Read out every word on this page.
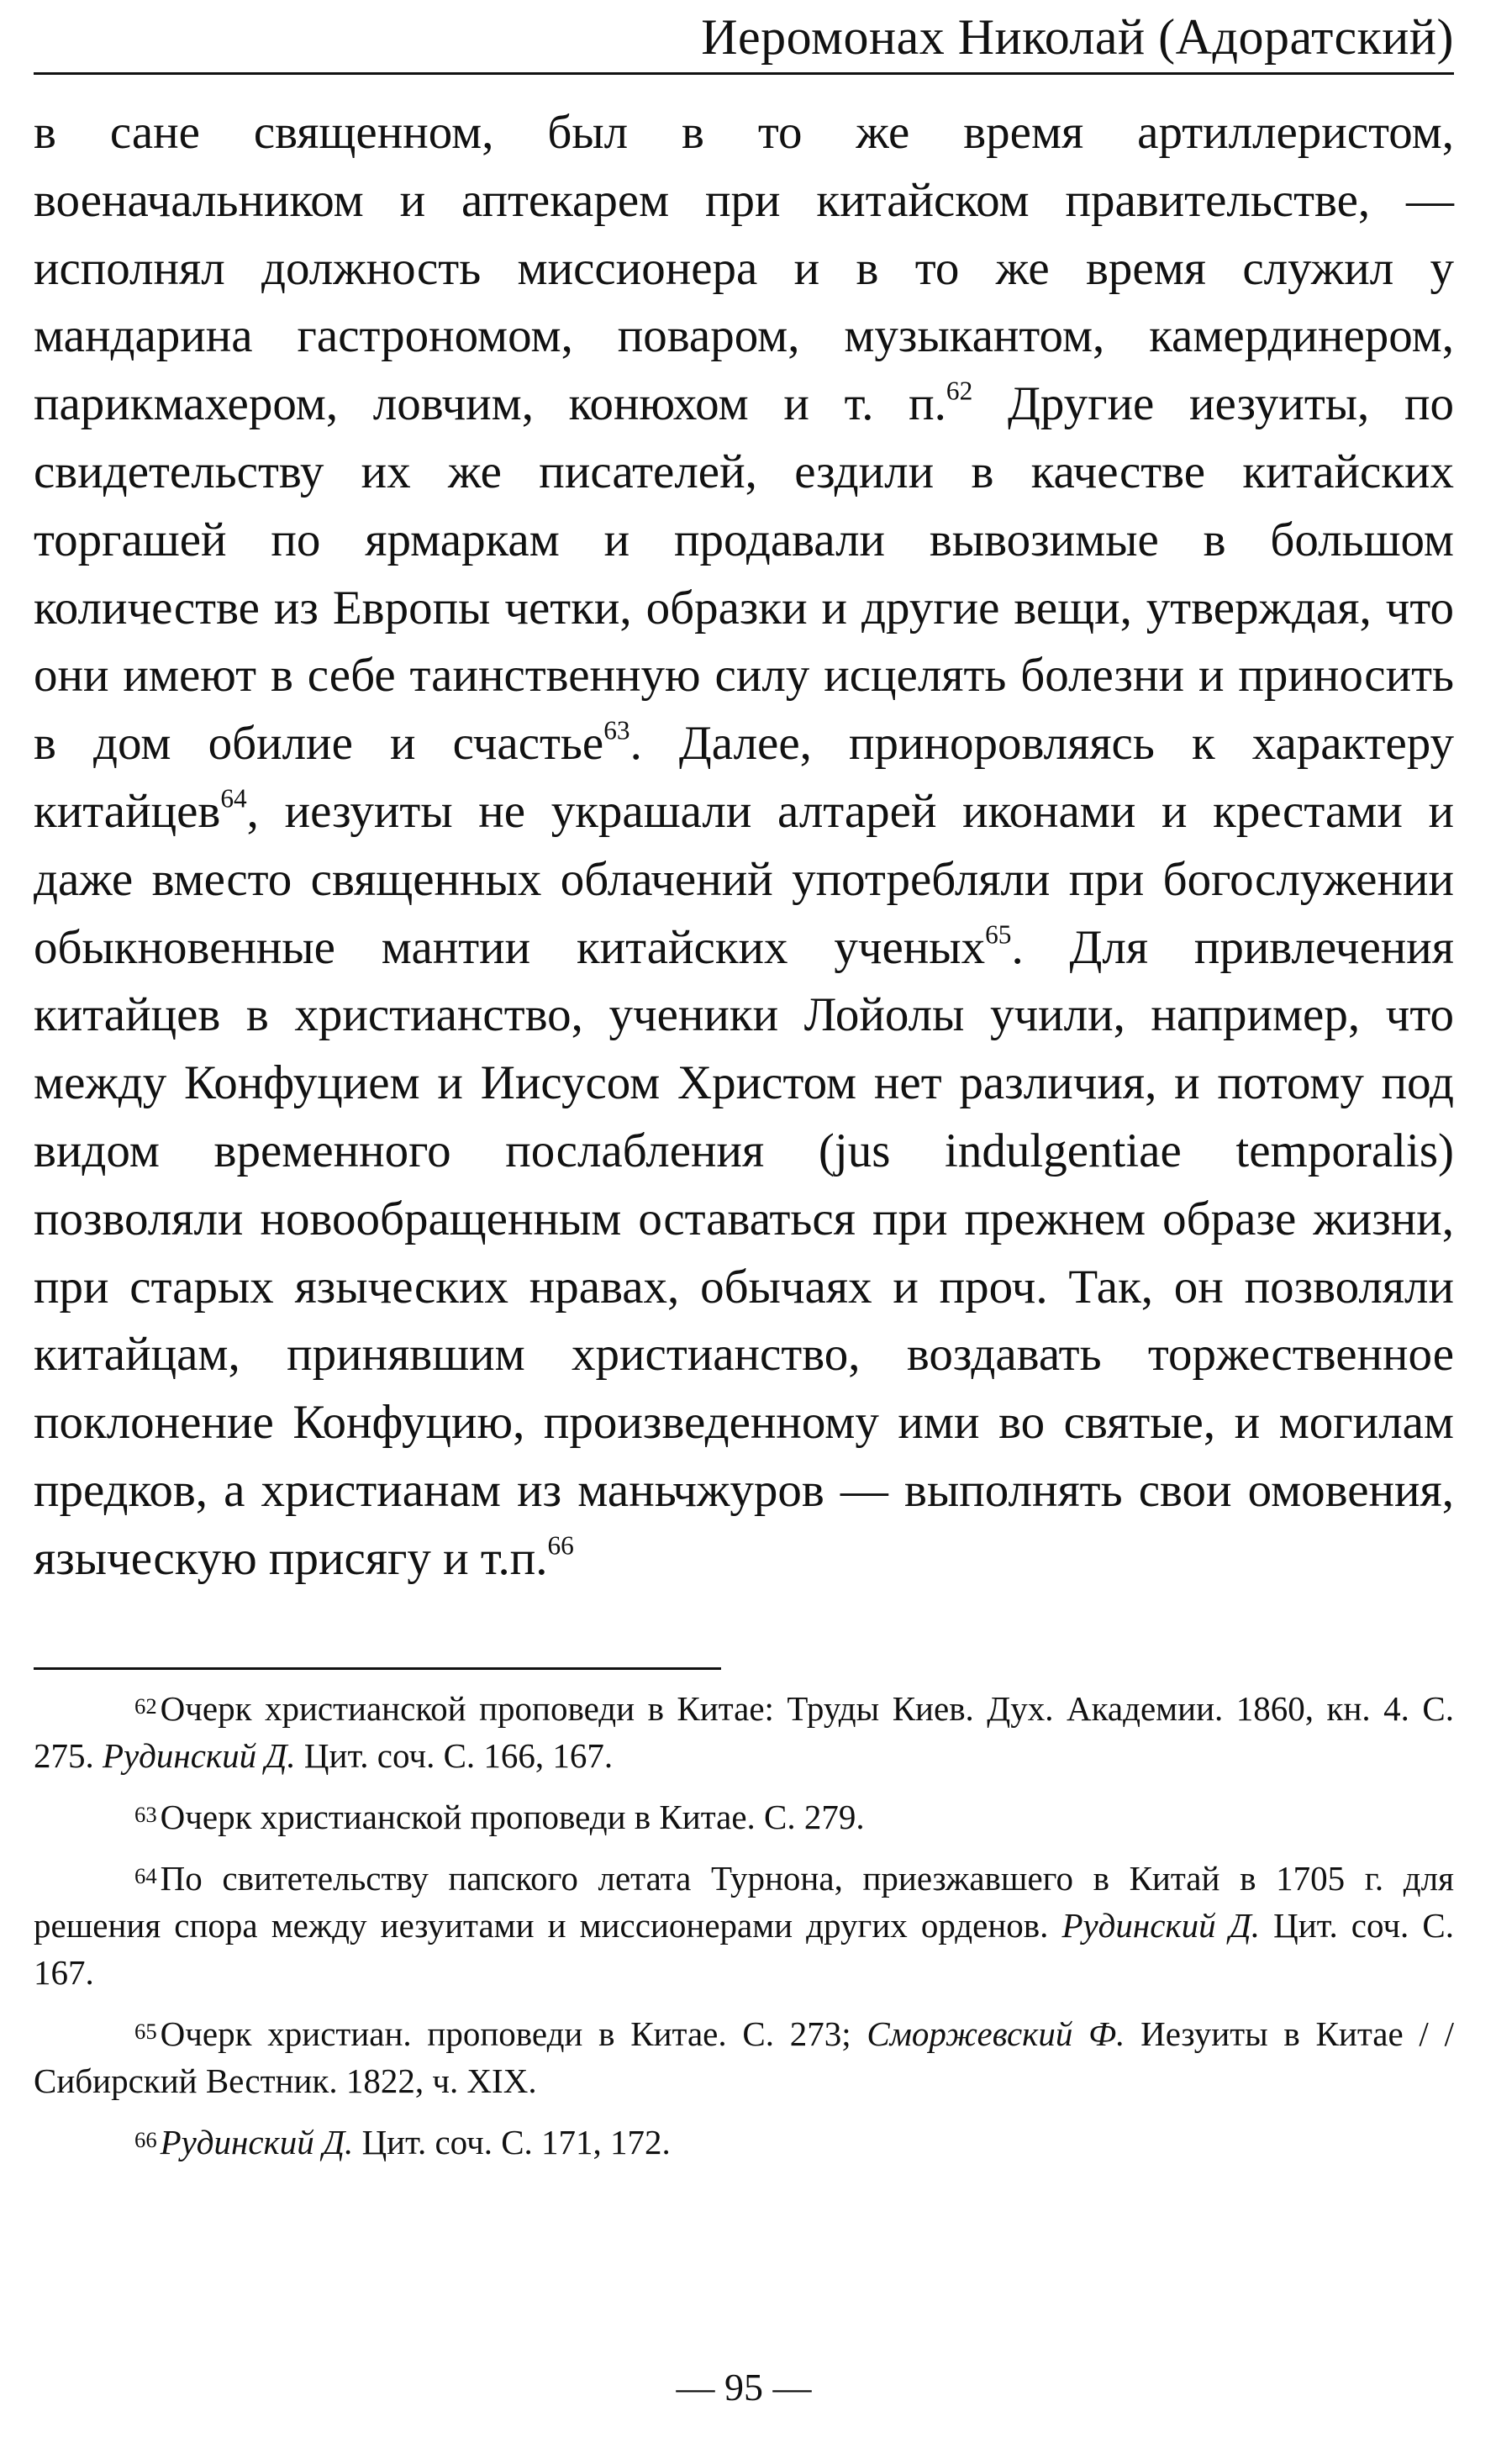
Иеромонах Николай (Адоратский)

в сане священном, был в то же время артиллеристом, военачальником и аптекарем при китайском правительстве, — исполнял должность миссионера и в то же время служил у мандарина гастрономом, поваром, музыкантом, камердинером, парикмахером, ловчим, конюхом и т. п.$^{62}$ Другие иезуиты, по свидетельству их же писателей, ездили в качестве китайских торгашей по ярмаркам и продавали вывозимые в большом количестве из Европы четки, образки и другие вещи, утверждая, что они имеют в себе таинственную силу исцелять болезни и приносить в дом обилие и счастье$^{63}$. Далее, приноровляясь к характеру китайцев$^{64}$, иезуиты не украшали алтарей иконами и крестами и даже вместо священных облачений употребляли при богослужении обыкновенные мантии китайских ученых$^{65}$. Для привлечения китайцев в христианство, ученики Лойолы учили, например, что между Конфуцием и Иисусом Христом нет различия, и потому под видом временного послабления (jus indulgentiae temporalis) позволяли новообращенным оставаться при прежнем образе жизни, при старых языческих нравах, обычаях и проч. Так, он позволяли китайцам, принявшим христианство, воздавать торжественное поклонение Конфуцию, произведенному ими во святые, и могилам предков, а христианам из маньчжуров — выполнять свои омовения, языческую присягу и т.п.$^{66}$

62Очерк христианской проповеди в Китае: Труды Киев. Дух. Академии. 1860, кн. 4. С. 275. Рудинский Д. Цит. соч. С. 166, 167.

63Очерк христианской проповеди в Китае. С. 279.

64По свитетельству папского летата Турнона, приезжавшего в Китай в 1705 г. для решения спора между иезуитами и миссионерами других орденов. Рудинский Д. Цит. соч. С. 167.

65Очерк христиан. проповеди в Китае. С. 273; Сморжевский Ф. Иезуиты в Китае / / Сибирский Вестник. 1822, ч. XIX.

66Рудинский Д. Цит. соч. С. 171, 172.

— 95 —
